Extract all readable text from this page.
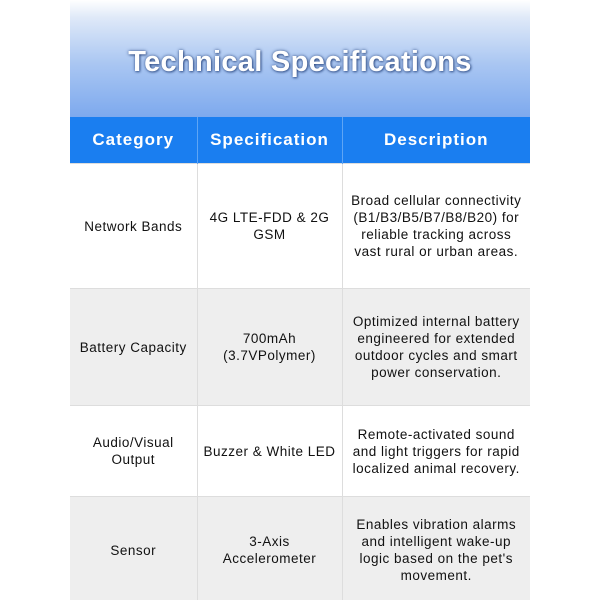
Technical Specifications
Category	Specification	Description
Network Bands	4G LTE-FDD & 2G GSM	Broad cellular connectivity (B1/B3/B5/B7/B8/B20) for reliable tracking across vast rural or urban areas.
Battery Capacity	700mAh (3.7VPolymer)	Optimized internal battery engineered for extended outdoor cycles and smart power conservation.
Audio/Visual Output	Buzzer & White LED	Remote-activated sound and light triggers for rapid localized animal recovery.
Sensor	3-Axis Accelerometer	Enables vibration alarms and intelligent wake-up logic based on the pet's movement.
